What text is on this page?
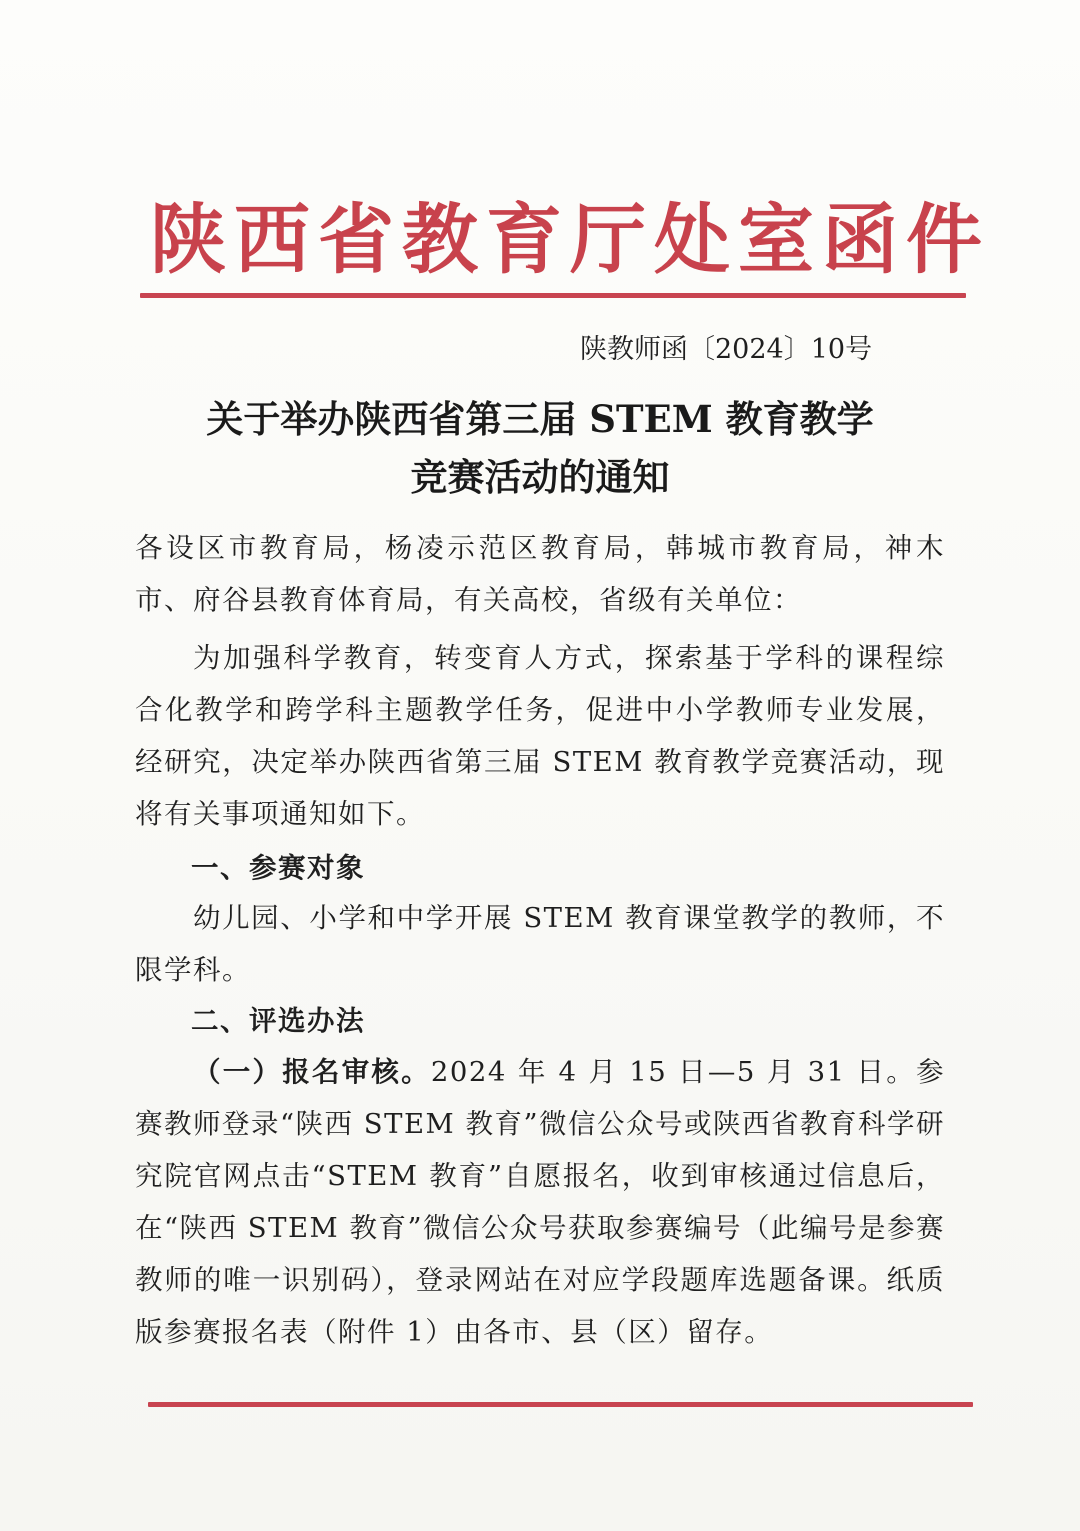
陕西省教育厅处室函件
陕教师函〔2024〕10号
关于举办陕西省第三届 STEM 教育教学
竞赛活动的通知
各设区市教育局，杨凌示范区教育局，韩城市教育局，神木市、府谷县教育体育局，有关高校，省级有关单位：
为加强科学教育，转变育人方式，探索基于学科的课程综合化教学和跨学科主题教学任务，促进中小学教师专业发展，经研究，决定举办陕西省第三届 STEM 教育教学竞赛活动，现将有关事项通知如下。
一、参赛对象
幼儿园、小学和中学开展 STEM 教育课堂教学的教师，不限学科。
二、评选办法
（一）报名审核。2024 年 4 月 15 日—5 月 31 日。参赛教师登录“陕西 STEM 教育”微信公众号或陕西省教育科学研究院官网点击“STEM 教育”自愿报名，收到审核通过信息后，在“陕西 STEM 教育”微信公众号获取参赛编号（此编号是参赛教师的唯一识别码），登录网站在对应学段题库选题备课。纸质版参赛报名表（附件 1）由各市、县（区）留存。
